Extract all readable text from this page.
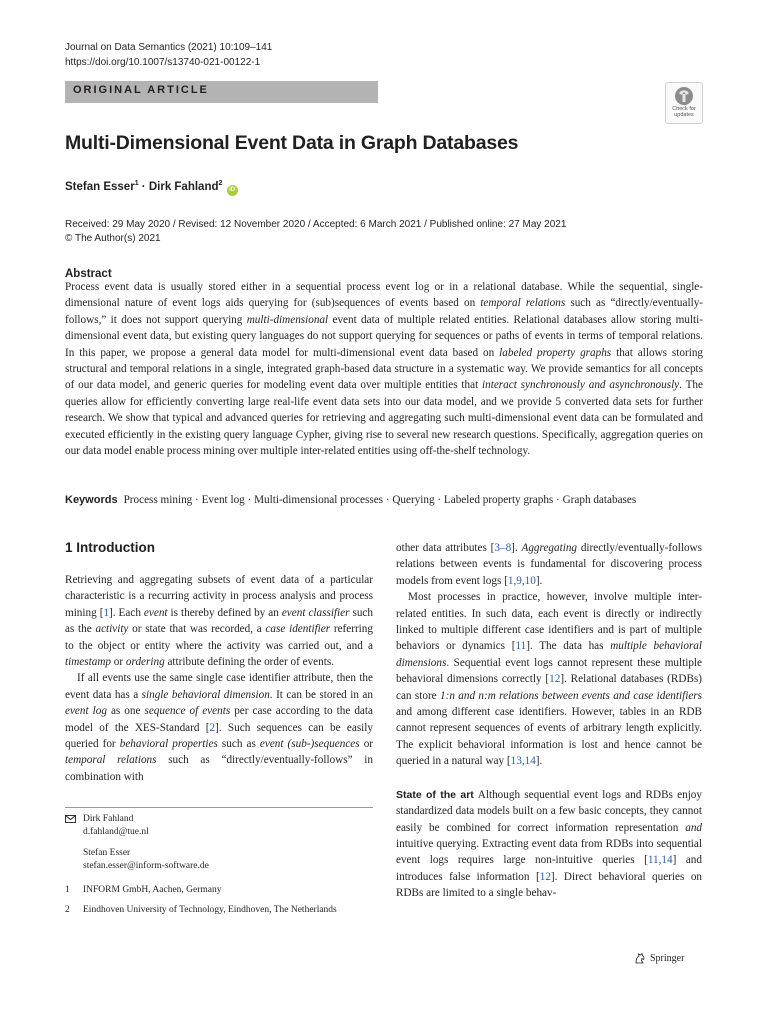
Journal on Data Semantics (2021) 10:109–141
https://doi.org/10.1007/s13740-021-00122-1
ORIGINAL ARTICLE
Check for
updates
Multi-Dimensional Event Data in Graph Databases
Stefan Esser$^1$ · Dirk Fahland$^2$ iD
Received: 29 May 2020 / Revised: 12 November 2020 / Accepted: 6 March 2021 / Published online: 27 May 2021
© The Author(s) 2021
Abstract
Process event data is usually stored either in a sequential process event log or in a relational database. While the sequential, single-dimensional nature of event logs aids querying for (sub)sequences of events based on temporal relations such as “directly/eventually-follows,” it does not support querying multi-dimensional event data of multiple related entities. Relational databases allow storing multi-dimensional event data, but existing query languages do not support querying for sequences or paths of events in terms of temporal relations. In this paper, we propose a general data model for multi-dimensional event data based on labeled property graphs that allows storing structural and temporal relations in a single, integrated graph-based data structure in a systematic way. We provide semantics for all concepts of our data model, and generic queries for modeling event data over multiple entities that interact synchronously and asynchronously. The queries allow for efficiently converting large real-life event data sets into our data model, and we provide 5 converted data sets for further research. We show that typical and advanced queries for retrieving and aggregating such multi-dimensional event data can be formulated and executed efficiently in the existing query language Cypher, giving rise to several new research questions. Specifically, aggregation queries on our data model enable process mining over multiple inter-related entities using off-the-shelf technology.
Keywords Process mining · Event log · Multi-dimensional processes · Querying · Labeled property graphs · Graph databases
1 Introduction

Retrieving and aggregating subsets of event data of a particular characteristic is a recurring activity in process analysis and process mining [1]. Each event is thereby defined by an event classifier such as the activity or state that was recorded, a case identifier referring to the object or entity where the activity was carried out, and a timestamp or ordering attribute defining the order of events.

If all events use the same single case identifier attribute, then the event data has a single behavioral dimension. It can be stored in an event log as one sequence of events per case according to the data model of the XES-Standard [2]. Such sequences can be easily queried for behavioral properties such as event (sub-)sequences or temporal relations such as “directly/eventually-follows” in combination with

other data attributes [3–8]. Aggregating directly/eventually-follows relations between events is fundamental for discovering process models from event logs [1,9,10].

Most processes in practice, however, involve multiple inter-related entities. In such data, each event is directly or indirectly linked to multiple different case identifiers and is part of multiple behaviors or dynamics [11]. The data has multiple behavioral dimensions. Sequential event logs cannot represent these multiple behavioral dimensions correctly [12]. Relational databases (RDBs) can store 1:n and n:m relations between events and case identifiers and among different case identifiers. However, tables in an RDB cannot represent sequences of events of arbitrary length explicitly. The explicit behavioral information is lost and hence cannot be queried in a natural way [13,14].

State of the art Although sequential event logs and RDBs enjoy standardized data models built on a few basic concepts, they cannot easily be combined for correct information representation and intuitive querying. Extracting event data from RDBs into sequential event logs requires large non-intuitive queries [11,14] and introduces false information [12]. Direct behavioral queries on RDBs are limited to a single behav-

Dirk Fahland
d.fahland@tue.nl
Stefan Esser
stefan.esser@inform-software.de
1 INFORM GmbH, Aachen, Germany
2 Eindhoven University of Technology, Eindhoven, The Netherlands
Springer
